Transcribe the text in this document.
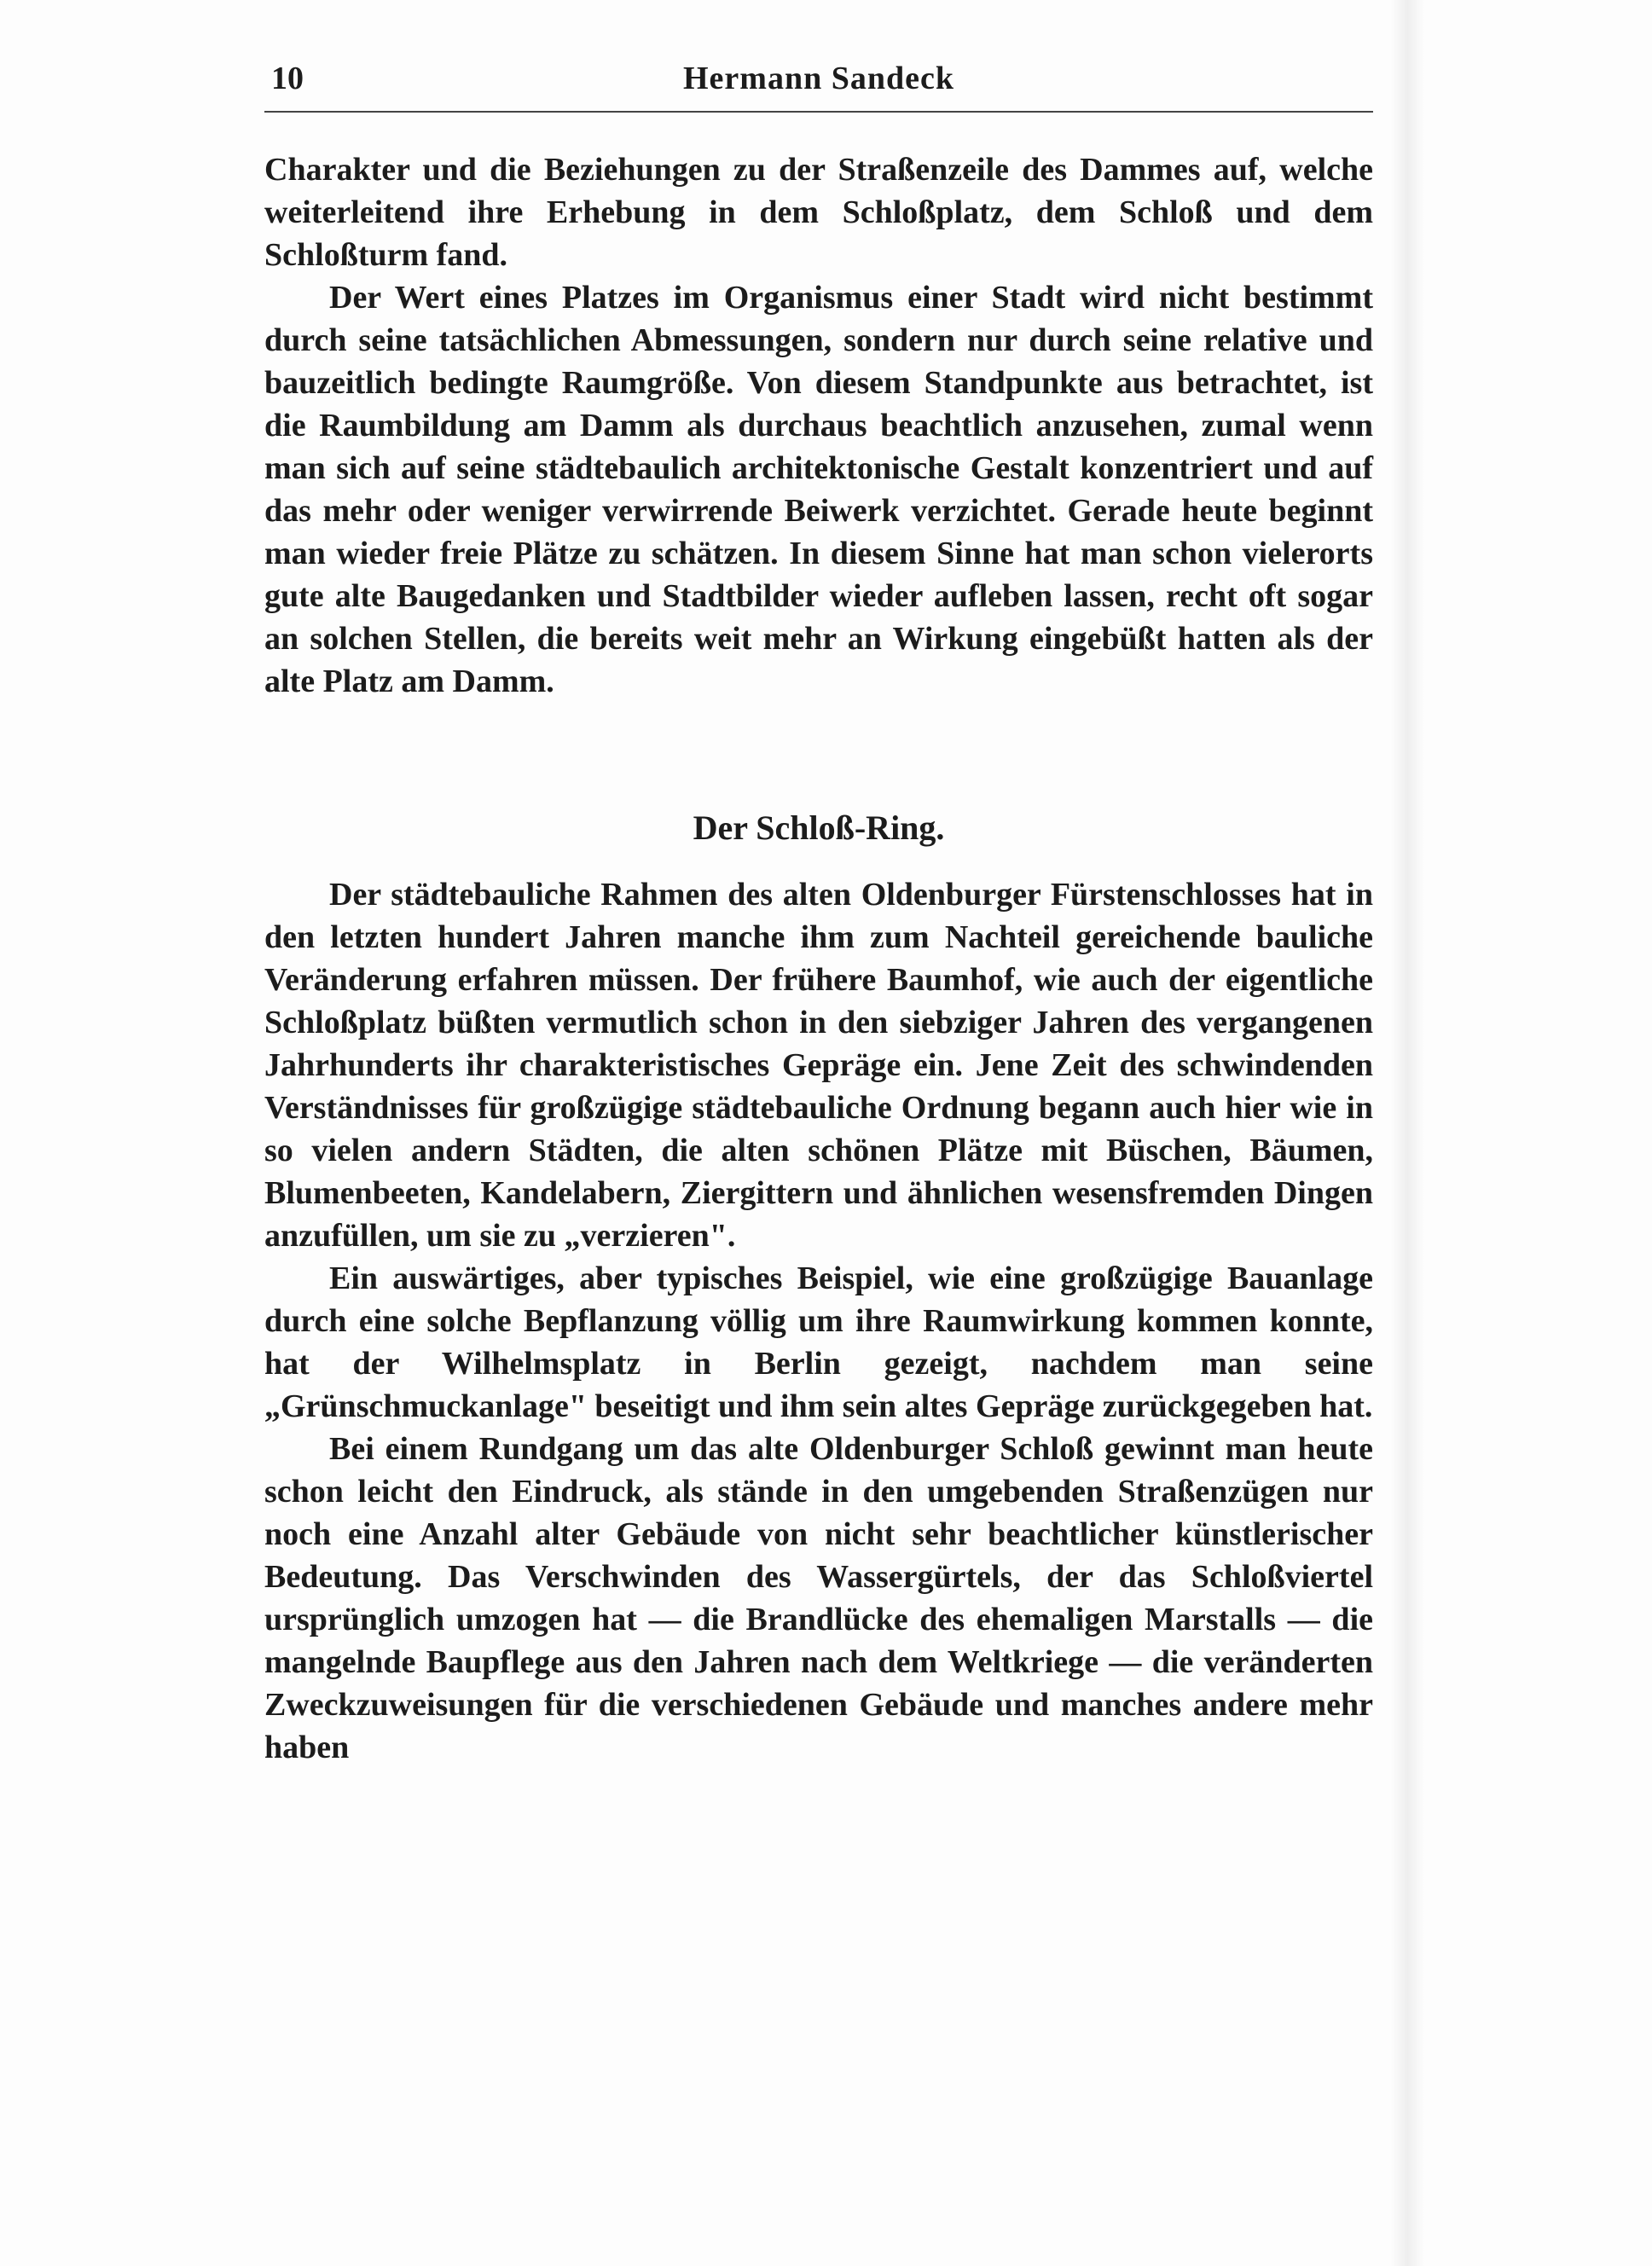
10	Hermann Sandeck

Charakter und die Beziehungen zu der Straßenzeile des Dammes auf, welche weiterleitend ihre Erhebung in dem Schloßplatz, dem Schloß und dem Schloßturm fand.

Der Wert eines Platzes im Organismus einer Stadt wird nicht bestimmt durch seine tatsächlichen Abmessungen, sondern nur durch seine relative und bauzeitlich bedingte Raumgröße. Von diesem Standpunkte aus betrachtet, ist die Raumbildung am Damm als durchaus beachtlich anzusehen, zumal wenn man sich auf seine städtebaulich architektonische Gestalt konzentriert und auf das mehr oder weniger verwirrende Beiwerk verzichtet. Gerade heute beginnt man wieder freie Plätze zu schätzen. In diesem Sinne hat man schon vielerorts gute alte Baugedanken und Stadtbilder wieder aufleben lassen, recht oft sogar an solchen Stellen, die bereits weit mehr an Wirkung eingebüßt hatten als der alte Platz am Damm.

Der Schloß-Ring.

Der städtebauliche Rahmen des alten Oldenburger Fürstenschlosses hat in den letzten hundert Jahren manche ihm zum Nachteil gereichende bauliche Veränderung erfahren müssen. Der frühere Baumhof, wie auch der eigentliche Schloßplatz büßten vermutlich schon in den siebziger Jahren des vergangenen Jahrhunderts ihr charakteristisches Gepräge ein. Jene Zeit des schwindenden Verständnisses für großzügige städtebauliche Ordnung begann auch hier wie in so vielen andern Städten, die alten schönen Plätze mit Büschen, Bäumen, Blumenbeeten, Kandelabern, Ziergittern und ähnlichen wesensfremden Dingen anzufüllen, um sie zu „verzieren".

Ein auswärtiges, aber typisches Beispiel, wie eine großzügige Bauanlage durch eine solche Bepflanzung völlig um ihre Raumwirkung kommen konnte, hat der Wilhelmsplatz in Berlin gezeigt, nachdem man seine „Grünschmuckanlage" beseitigt und ihm sein altes Gepräge zurückgegeben hat.

Bei einem Rundgang um das alte Oldenburger Schloß gewinnt man heute schon leicht den Eindruck, als stände in den umgebenden Straßenzügen nur noch eine Anzahl alter Gebäude von nicht sehr beachtlicher künstlerischer Bedeutung. Das Verschwinden des Wassergürtels, der das Schloßviertel ursprünglich umzogen hat — die Brandlücke des ehemaligen Marstalls — die mangelnde Baupflege aus den Jahren nach dem Weltkriege — die veränderten Zweckzuweisungen für die verschiedenen Gebäude und manches andere mehr haben
